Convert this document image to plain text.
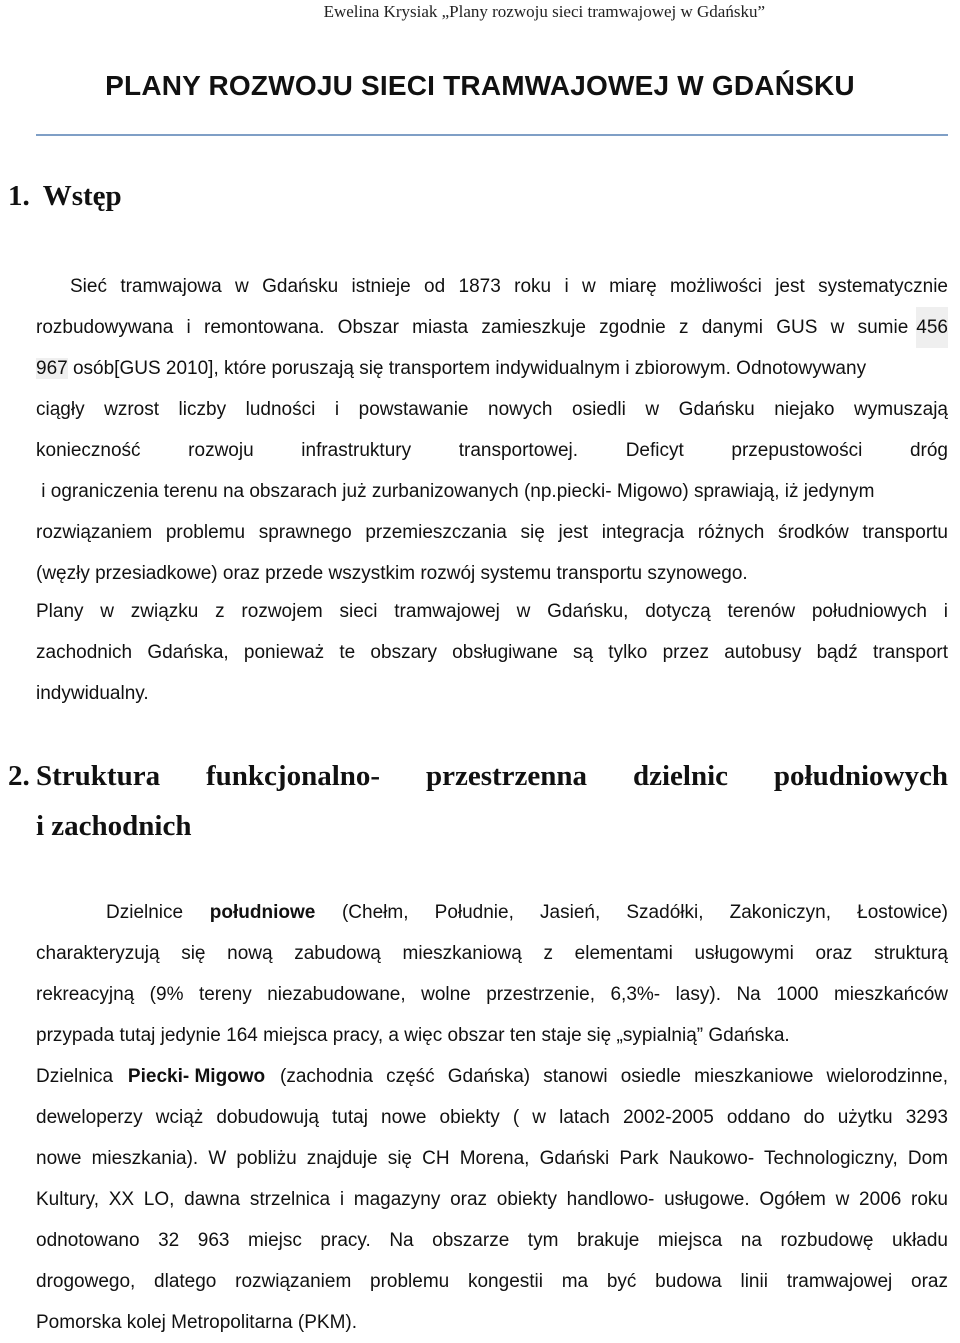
Ewelina Krysiak „Plany rozwoju sieci tramwajowej w Gdańsku”
PLANY ROZWOJU SIECI TRAMWAJOWEJ W GDAŃSKU
1. Wstęp
Sieć tramwajowa w Gdańsku istnieje od 1873 roku i w miarę możliwości jest systematycznie
rozbudowywana i remontowana. Obszar miasta zamieszkuje zgodnie z danymi GUS w sumie 456
967 osób[GUS 2010], które poruszają się transportem indywidualnym i zbiorowym. Odnotowywany
ciągły wzrost liczby ludności i powstawanie nowych osiedli w Gdańsku niejako wymuszają
konieczność rozwoju infrastruktury transportowej. Deficyt przepustowości dróg
i ograniczenia terenu na obszarach już zurbanizowanych (np.piecki- Migowo) sprawiają, iż jedynym
rozwiązaniem problemu sprawnego przemieszczania się jest integracja różnych środków transportu
(węzły przesiadkowe) oraz przede wszystkim rozwój systemu transportu szynowego.
Plany w związku z rozwojem sieci tramwajowej w Gdańsku, dotyczą terenów południowych i
zachodnich Gdańska, ponieważ te obszary obsługiwane są tylko przez autobusy bądź transport
indywidualny.
2. Struktura funkcjonalno- przestrzenna dzielnic południowych
i zachodnich
Dzielnice południowe (Chełm, Południe, Jasień, Szadółki, Zakoniczyn, Łostowice)
charakteryzują się nową zabudową mieszkaniową z elementami usługowymi oraz strukturą
rekreacyjną (9% tereny niezabudowane, wolne przestrzenie, 6,3%- lasy). Na 1000 mieszkańców
przypada tutaj jedynie 164 miejsca pracy, a więc obszar ten staje się „sypialnią” Gdańska.
Dzielnica Piecki- Migowo (zachodnia część Gdańska) stanowi osiedle mieszkaniowe wielorodzinne,
deweloperzy wciąż dobudowują tutaj nowe obiekty ( w latach 2002-2005 oddano do użytku 3293
nowe mieszkania). W pobliżu znajduje się CH Morena, Gdański Park Naukowo- Technologiczny, Dom
Kultury, XX LO, dawna strzelnica i magazyny oraz obiekty handlowo- usługowe. Ogółem w 2006 roku
odnotowano 32 963 miejsc pracy. Na obszarze tym brakuje miejsca na rozbudowę układu
drogowego, dlatego rozwiązaniem problemu kongestii ma być budowa linii tramwajowej oraz
Pomorska kolej Metropolitarna (PKM).
